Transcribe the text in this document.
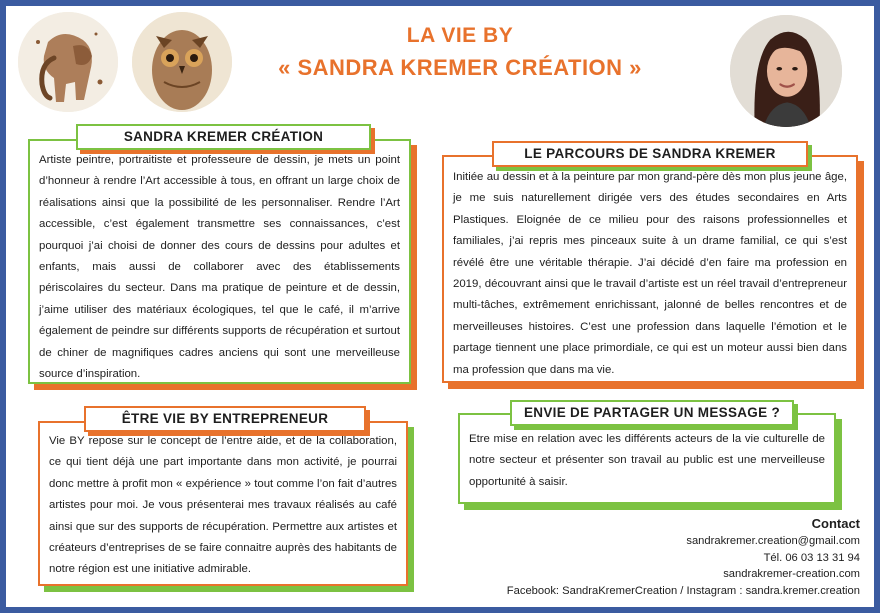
LA VIE BY
« SANDRA KREMER CRÉATION »
Artiste peintre, portraitiste et professeure de dessin, je mets un point d’honneur à rendre l’Art accessible à tous, en offrant un large choix de réalisations ainsi que la possibilité de les personnaliser. Rendre l’Art accessible, c’est également transmettre ses connaissances, c’est pourquoi j’ai choisi de donner des cours de dessins pour adultes et enfants, mais aussi de collaborer avec des établissements périscolaires du secteur. Dans ma pratique de peinture et de dessin, j’aime utiliser des matériaux écologiques, tel que le café, il m’arrive également de peindre sur différents supports de récupération et surtout de chiner de magnifiques cadres anciens qui sont une merveilleuse source d’inspiration.
SANDRA KREMER CRÉATION
Initiée au dessin et à la peinture par mon grand-père dès mon plus jeune âge, je me suis naturellement dirigée vers des études secondaires en Arts Plastiques. Eloignée de ce milieu pour des raisons professionnelles et familiales, j’ai repris mes pinceaux suite à un drame familial, ce qui s’est révélé être une véritable thérapie. J’ai décidé d’en faire ma profession en 2019, découvrant ainsi que le travail d’artiste est un réel travail d’entrepreneur multi-tâches, extrêmement enrichissant, jalonné de belles rencontres et de merveilleuses histoires. C’est une profession dans laquelle l’émotion et le partage tiennent une place primordiale, ce qui est un moteur aussi bien dans ma profession que dans ma vie.
LE PARCOURS DE SANDRA KREMER
Vie BY repose sur le concept de l’entre aide, et de la collaboration, ce qui tient déjà une part importante dans mon activité, je pourrai donc mettre à profit mon « expérience » tout comme l’on fait d’autres artistes pour moi. Je vous présenterai mes travaux réalisés au café ainsi que sur des supports de récupération. Permettre aux artistes et créateurs d’entreprises de se faire connaitre auprès des habitants de notre région est une initiative admirable.
ÊTRE VIE BY ENTREPRENEUR
Etre mise en relation avec les différents acteurs de la vie culturelle de notre secteur et présenter son travail au public est une merveilleuse opportunité à saisir.
ENVIE DE PARTAGER UN MESSAGE ?
Contact
sandrakremer.creation@gmail.com
Tél. 06 03 13 31 94
sandrakremer-creation.com
Facebook: SandraKremerCreation / Instagram : sandra.kremer.creation
